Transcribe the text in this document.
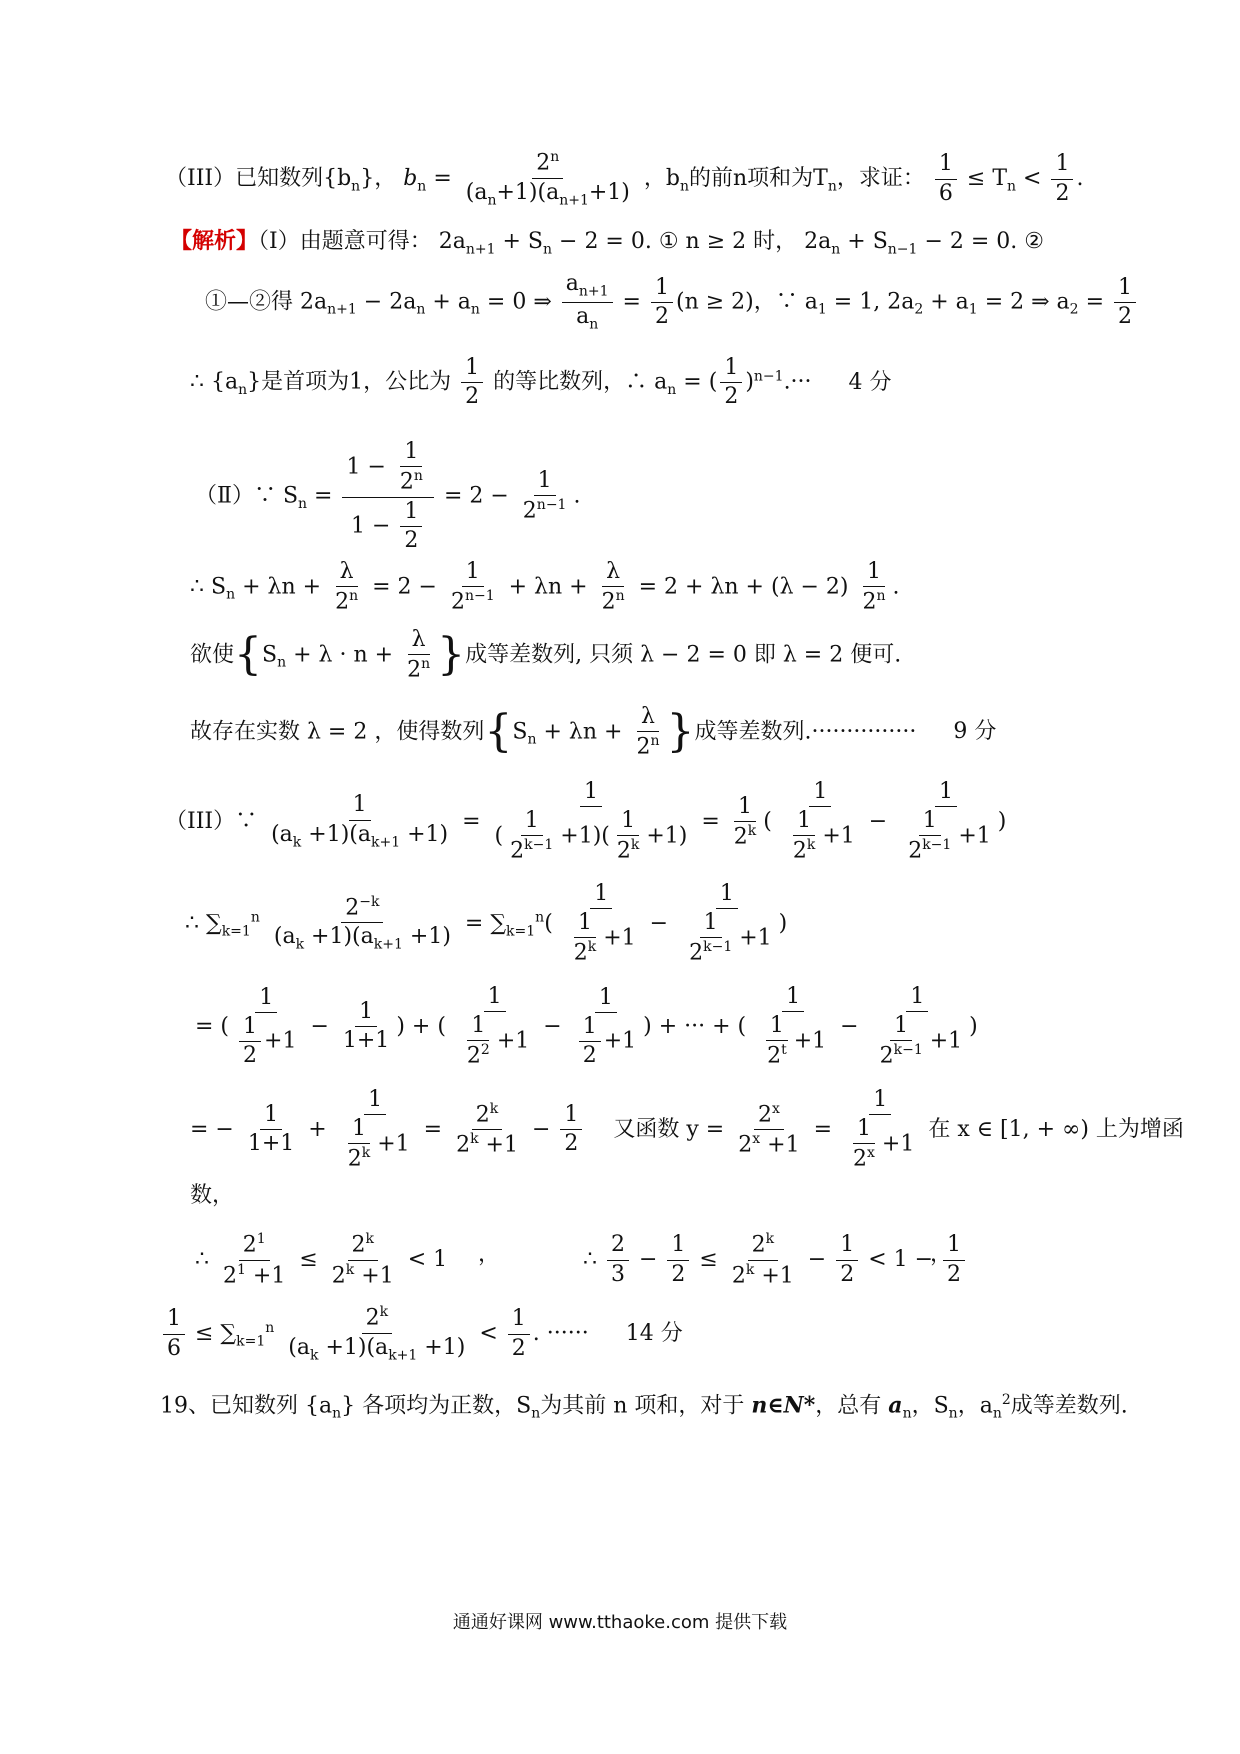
（III）已知数列$\{b_n\}$， $b_n = \frac{2^n}{(a_n+1)(a_{n+1}+1)}$ ，$b_n$的前n项和为$T_n$，求证： $\frac{1}{6} \le T_n < \frac{1}{2}$ .
【解析】（Ⅰ）由题意可得： $2a_{n+1} + S_n - 2 = 0$. ① n ≥ 2 时， $2a_n + S_{n-1} - 2 = 0$. ②
①—②得 $2a_{n+1} - 2a_n + a_n = 0$ ⇒ $\frac{a_{n+1}}{a_n} = \frac{1}{2} (n \ge 2)$，∵ $a_1 = 1$, $2a_2 + a_1 = 2$ ⇒ $a_2 = \frac{1}{2}$
∴ $\{a_n\}$是首项为1，公比为 $\frac{1}{2}$ 的等比数列，∴ $a_n$ = ( $\frac{1}{2} )^{n-1}.\cdot\cdot\cdot 4$ 分
（Ⅱ）∵ $S_n = \frac{1 - \frac{1}{2^n}}{1 - \frac{1}{2}} = 2 - \frac{1}{2^{n-1}}$ .
∴ $S_n + \lambda n + \frac{\lambda}{2^n} = 2 - \frac{1}{2^{n-1}} + \lambda n + \frac{\lambda}{2^n} = 2 + \lambda n + (\lambda - 2) \frac{1}{2^n}$ .
欲使{$S_n + \lambda \cdot n + \frac{\lambda}{2^n}$ }成等差数列, 只须 λ − 2 = 0 即 λ = 2 便可.
故存在实数 λ = 2 ，使得数列{$S_n + \lambda n + \frac{\lambda}{2^n}$ }成等差数列.··············· 9 分
（III）∵ $\frac{1}{(a_k +1)(a_{k+1} +1)} = \frac{1}{( \frac{1}{2^{k-1}} +1)( \frac{1}{2^k} +1)} = \frac{1}{2^k}$ ( $\frac{1}{\frac{1}{2^k} +1} - \frac{1}{\frac{1}{2^{k-1}} +1}$ )
∴ $\sum_{k=1}^n \frac{2^{-k}}{(a_k +1)(a_{k+1} +1)} = \sum_{k=1}^n( \frac{1}{\frac{1}{2^k} +1} - \frac{1}{\frac{1}{2^{k-1}} +1}$ )
= ( $\frac{1}{\frac{1}{2} +1} - \frac{1}{1+1}$ ) + ( $\frac{1}{\frac{1}{2^2} +1} - \frac{1}{\frac{1}{2} +1}$ ) + ··· + ( $\frac{1}{\frac{1}{2^t} +1} - \frac{1}{\frac{1}{2^{k-1}} +1}$ )
= − $\frac{1}{1+1} + \frac{1}{\frac{1}{2^k} +1} = \frac{2^k}{2^k +1} - \frac{1}{2}$ 又函数 $y = \frac{2^x}{2^x +1} = \frac{1}{\frac{1}{2^x} +1}$ 在 x ∈ [1, + ∞) 上为增函
数，
∴ $\frac{2^1}{2^1 +1} \le \frac{2^k}{2^k +1} < 1$ ，	∴ $\frac{2}{3} - \frac{1}{2} \le \frac{2^k}{2^k +1} - \frac{1}{2} < 1 - \frac{1}{2}$
，
$\frac{1}{6} \le \sum_{k=1}^n \frac{2^k}{(a_k +1)(a_{k+1} +1)} < \frac{1}{2}$ . ······ 14 分
19、已知数列 $\{a_n\}$ 各项均为正数，$S_n$为其前 n 项和，对于 n∈N*，总有 $a_n$，$S_n$，$a_n^2$成等差数列.
通通好课网 www.tthaoke.com 提供下载
